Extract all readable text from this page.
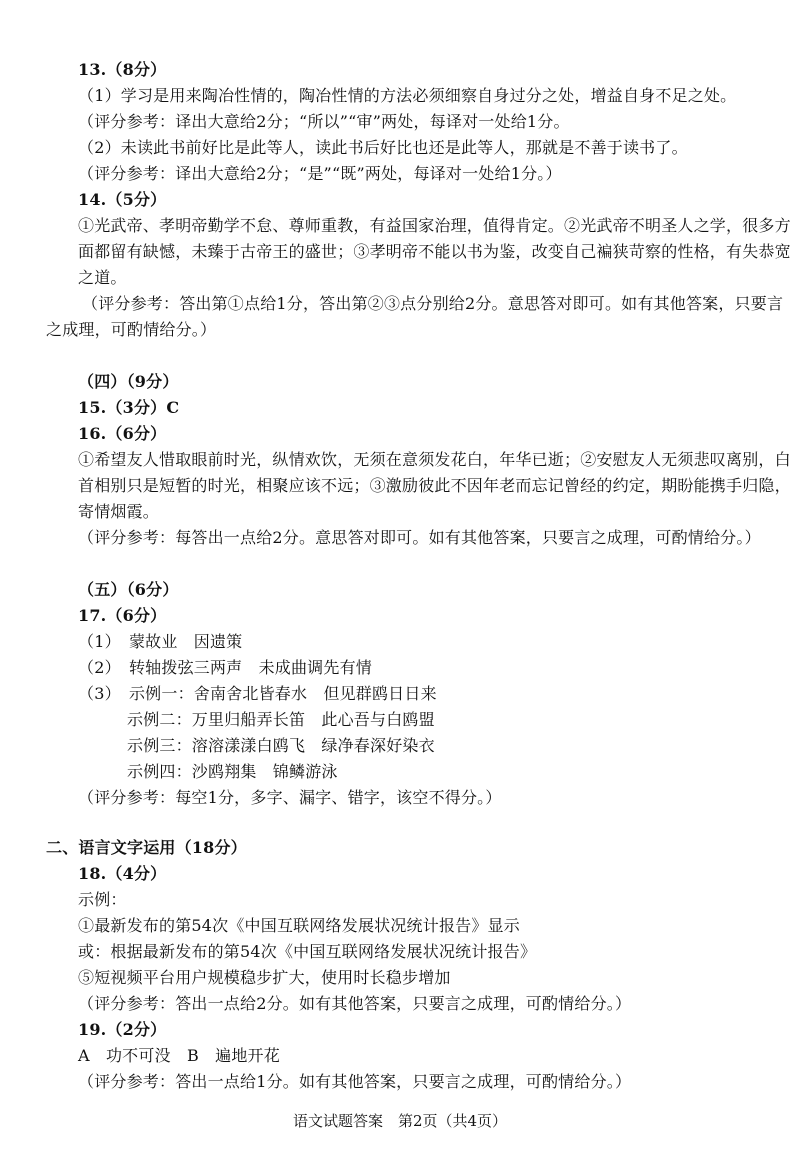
13.（8分）
（1）学习是用来陶冶性情的，陶冶性情的方法必须细察自身过分之处，增益自身不足之处。
（评分参考：译出大意给2分；“所以”“审”两处，每译对一处给1分。
（2）未读此书前好比是此等人，读此书后好比也还是此等人，那就是不善于读书了。
（评分参考：译出大意给2分；“是”“既”两处，每译对一处给1分。）
14.（5分）
①光武帝、孝明帝勤学不怠、尊师重教，有益国家治理，值得肯定。②光武帝不明圣人之学，很多方
面都留有缺憾，未臻于古帝王的盛世；③孝明帝不能以书为鉴，改变自己褊狭苛察的性格，有失恭宽
之道。
（评分参考：答出第①点给1分，答出第②③点分别给2分。意思答对即可。如有其他答案，只要言
之成理，可酌情给分。）
（四）（9分）
15.（3分）C
16.（6分）
①希望友人惜取眼前时光，纵情欢饮，无须在意须发花白，年华已逝；②安慰友人无须悲叹离别，白
首相别只是短暂的时光，相聚应该不远；③激励彼此不因年老而忘记曾经的约定，期盼能携手归隐，
寄情烟霞。
（评分参考：每答出一点给2分。意思答对即可。如有其他答案，只要言之成理，可酌情给分。）
（五）（6分）
17.（6分）
（1）　蒙故业　因遗策
（2）　转轴拨弦三两声　未成曲调先有情
（3）　示例一：舍南舍北皆春水　但见群鸥日日来
示例二：万里归船弄长笛　此心吾与白鸥盟
示例三：溶溶漾漾白鸥飞　绿净春深好染衣
示例四：沙鸥翔集　锦鳞游泳
（评分参考：每空1分，多字、漏字、错字，该空不得分。）
二、语言文字运用（18分）
18.（4分）
示例：
①最新发布的第54次《中国互联网络发展状况统计报告》显示
或：根据最新发布的第54次《中国互联网络发展状况统计报告》
⑤短视频平台用户规模稳步扩大，使用时长稳步增加
（评分参考：答出一点给2分。如有其他答案，只要言之成理，可酌情给分。）
19.（2分）
A　功不可没　B　遍地开花
（评分参考：答出一点给1分。如有其他答案，只要言之成理，可酌情给分。）
语文试题答案　第2页（共4页）
